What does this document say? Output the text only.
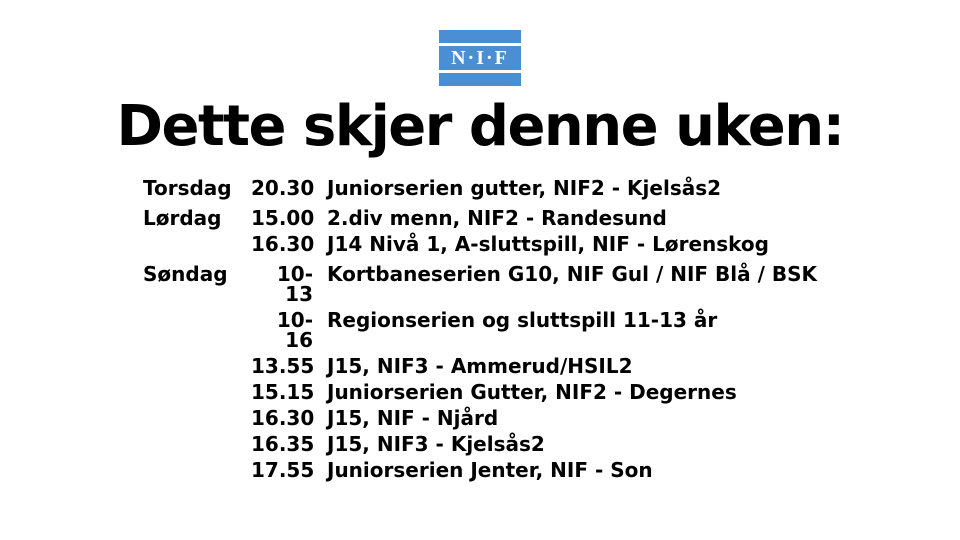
N·I·F
Dette skjer denne uken:
Torsdag 20.30 Juniorserien gutter, NIF2 - Kjelsås2
Lørdag	15.00 2.div menn, NIF2 - Randesund
16.30 J14 Nivå 1, A-sluttspill, NIF - Lørenskog
Søndag	10-13
Kortbaneserien G10, NIF Gul / NIF Blå / BSK
10-16
Regionserien og sluttspill 11-13 år
13.55 J15, NIF3 - Ammerud/HSIL2
15.15 Juniorserien Gutter, NIF2 - Degernes
16.30 J15, NIF - Njård
16.35 J15, NIF3 - Kjelsås2
17.55 Juniorserien Jenter, NIF - Son
